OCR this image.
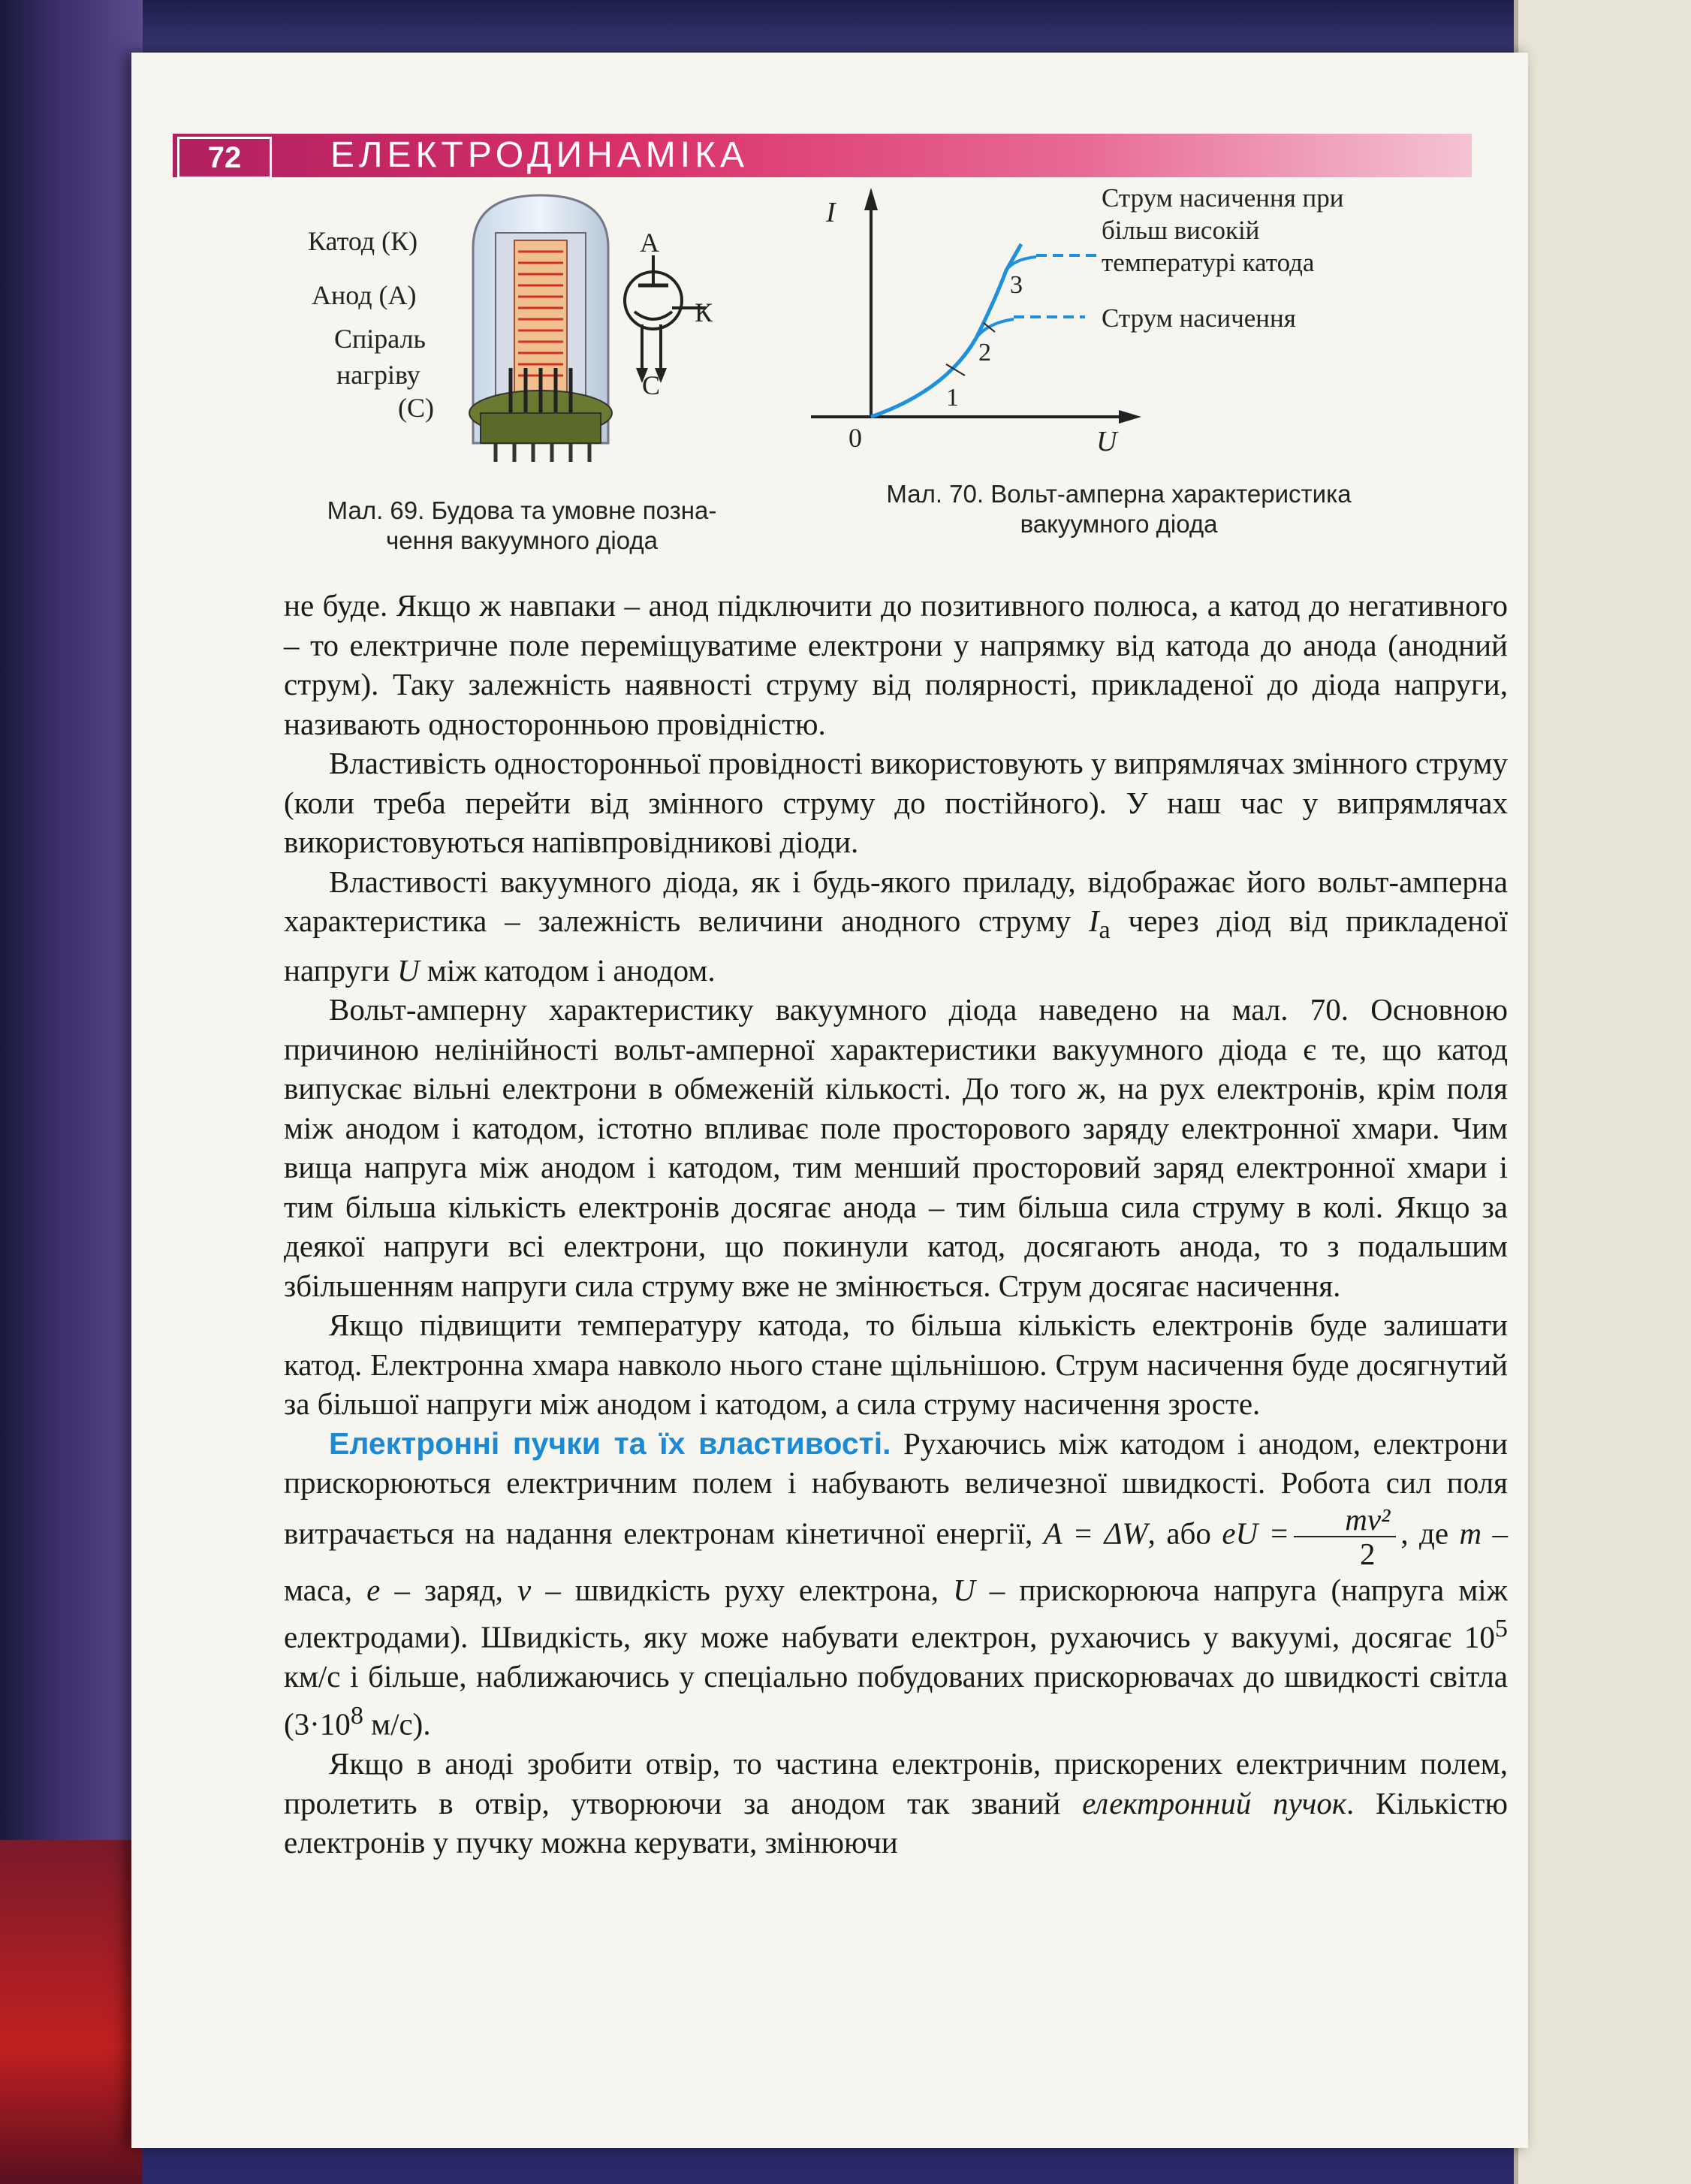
72	ЕЛЕКТРОДИНАМІКА
Катод (К)
Анод (А)
Спіраль
нагріву
(С)
А
К
С
Мал. 69. Будова та умовне позна-
чення вакуумного діода
I
U
0
1
2
3
Струм насичення при
більш високій
температурі катода
Струм насичення
Мал. 70. Вольт-амперна характеристика
вакуумного діода

не буде. Якщо ж навпаки – анод підключити до позитивного полюса, а катод до негативного – то електричне поле переміщуватиме електрони у напрямку від катода до анода (анодний струм). Таку залежність наявності струму від полярності, прикладеної до діода напруги, називають односторонньою провідністю.

Властивість односторонньої провідності використовують у випрямлячах змінного струму (коли треба перейти від змінного струму до постійного). У наш час у випрямлячах використовуються напівпровідникові діоди.

Властивості вакуумного діода, як і будь-якого приладу, відображає його вольт-амперна характеристика – залежність величини анодного струму $I_а$ через діод від прикладеної напруги U між катодом і анодом.

Вольт-амперну характеристику вакуумного діода наведено на мал. 70. Основною причиною нелінійності вольт-амперної характеристики вакуумного діода є те, що катод випускає вільні електрони в обмеженій кількості. До того ж, на рух електронів, крім поля між анодом і катодом, істотно впливає поле просторового заряду електронної хмари. Чим вища напруга між анодом і катодом, тим менший просторовий заряд електронної хмари і тим більша кількість електронів досягає анода – тим більша сила струму в колі. Якщо за деякої напруги всі електрони, що покинули катод, досягають анода, то з подальшим збільшенням напруги сила струму вже не змінюється. Струм досягає насичення.

Якщо підвищити температуру катода, то більша кількість електронів буде залишати катод. Електронна хмара навколо нього стане щільнішою. Струм насичення буде досягнутий за більшої напруги між анодом і катодом, а сила струму насичення зросте.

Електронні пучки та їх властивості. Рухаючись між катодом і анодом, електрони прискорюються електричним полем і набувають величезної швидкості. Робота сил поля витрачається на надання електронам кінетичної енергії, A = ΔW, або eU = $\frac{\text{mv²}}{2}$ , де m – маса, e – заряд, v – швидкість руху електрона, U – прискорююча напруга (напруга між електродами). Швидкість, яку може набувати електрон, рухаючись у вакуумі, досягає $10^5$ км/с і більше, наближаючись у спеціально побудованих прискорювачах до швидкості світла ($3\cdot 10^8$ м/с).

Якщо в аноді зробити отвір, то частина електронів, прискорених електричним полем, пролетить в отвір, утворюючи за анодом так званий електронний пучок. Кількістю електронів у пучку можна керувати, змінюючи
